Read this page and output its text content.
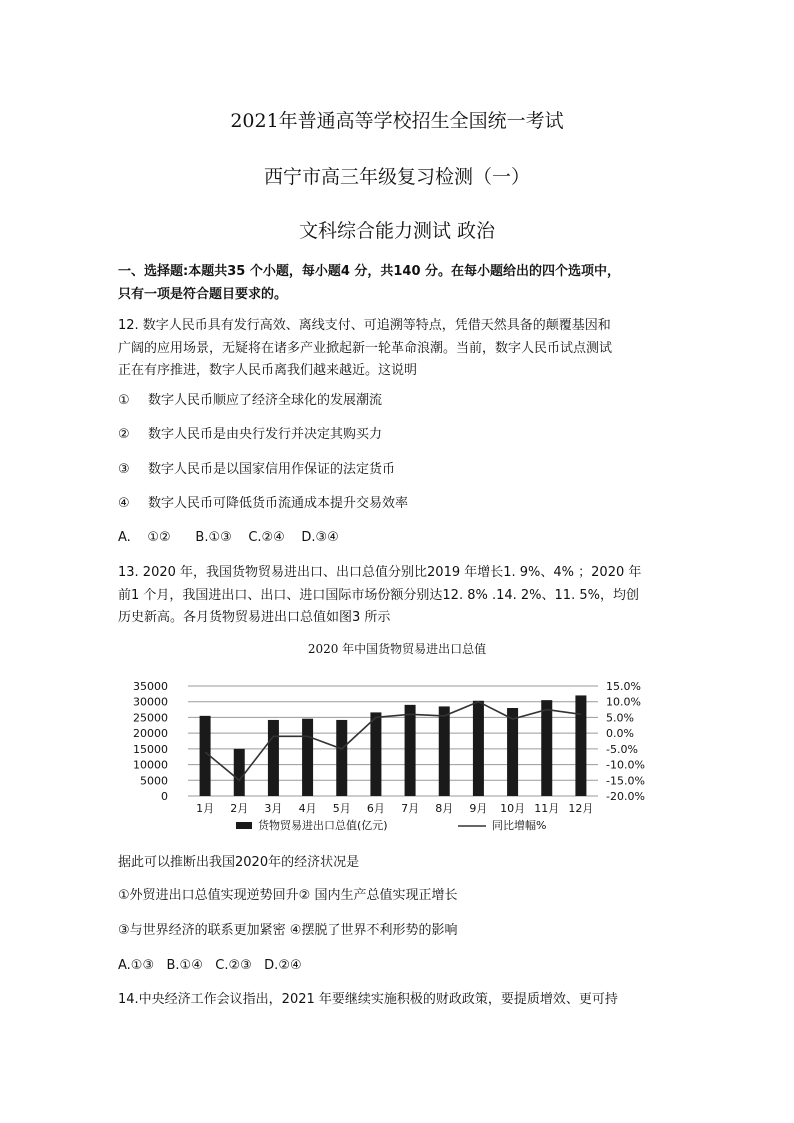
2021年普通高等学校招生全国统一考试
西宁市高三年级复习检测（一）
文科综合能力测试 政治
一、选择题:本题共35 个小题，每小题4 分，共140 分。在每小题给出的四个选项中，
只有一项是符合题目要求的。
12. 数字人民币具有发行高效、离线支付、可追溯等特点，凭借天然具备的颠覆基因和
广阔的应用场景，无疑将在诸多产业掀起新一轮革命浪潮。当前，数字人民币试点测试
正在有序推进，数字人民币离我们越来越近。这说明
① 数字人民币顺应了经济全球化的发展潮流
② 数字人民币是由央行发行并决定其购买力
③ 数字人民币是以国家信用作保证的法定货币
④ 数字人民币可降低货币流通成本提升交易效率
A.    ①②      B.①③    C.②④    D.③④
13. 2020 年，我国货物贸易进出口、出口总值分别比2019 年增长1. 9%、4% ；2020 年
前1 个月，我国进出口、出口、进口国际市场份额分别达12. 8% .14. 2%、11. 5%，均创
历史新高。各月货物贸易进出口总值如图3 所示
2020 年中国货物贸易进出口总值
0
5000
10000
15000
20000
25000
30000
35000
-20.0%
-15.0%
-10.0%
-5.0%
0.0%
5.0%
10.0%
15.0%
1月 2月 3月 4月 5月 6月 7月 8月 9月 10月 11月 12月
货物贸易进出口总值(亿元)	同比增幅%
据此可以推断出我国2020年的经济状况是
①外贸进出口总值实现逆势回升② 国内生产总值实现正增长
③与世界经济的联系更加紧密 ④摆脱了世界不利形势的影响
A.①③   B.①④   C.②③   D.②④
14.中央经济工作会议指出，2021 年要继续实施积极的财政政策，要提质增效、更可持
